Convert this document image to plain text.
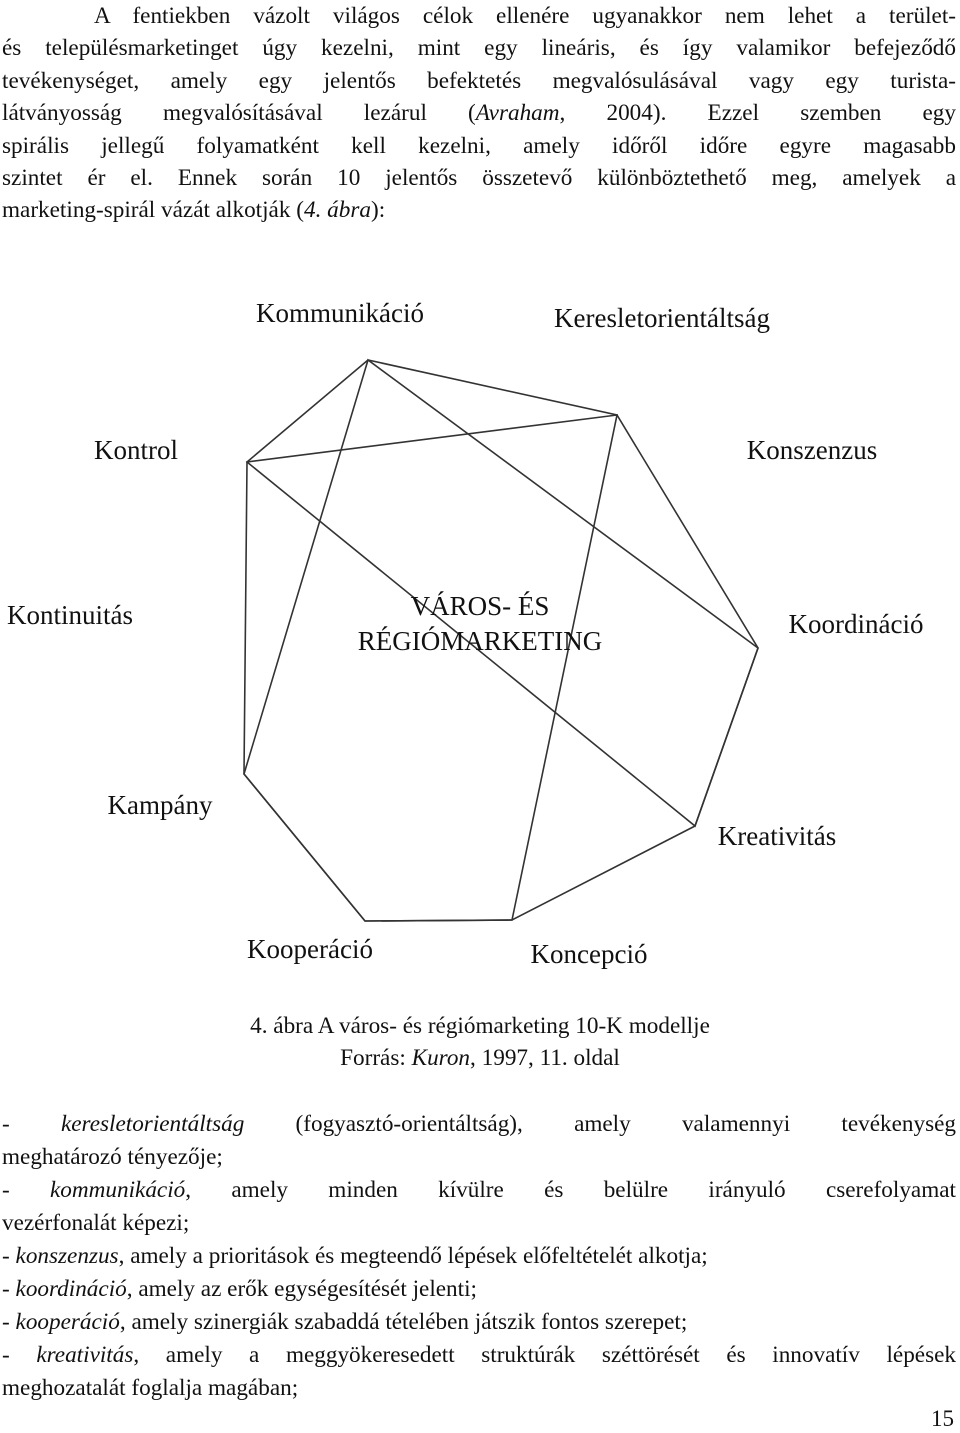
A fentiekben vázolt világos célok ellenére ugyanakkor nem lehet a terület-
és településmarketinget úgy kezelni, mint egy lineáris, és így valamikor befejeződő
tevékenységet, amely egy jelentős befektetés megvalósulásával vagy egy turista-
látványosság megvalósításával lezárul (Avraham, 2004). Ezzel szemben egy
spirális jellegű folyamatként kell kezelni, amely időről időre egyre magasabb
szintet ér el. Ennek során 10 jelentős összetevő különböztethető meg, amelyek a
marketing-spirál vázát alkotják (4. ábra):
Kommunikáció	Keresletorientáltság
Kontrol	Konszenzus
Kontinuitás	Koordináció
Kampány
Kreativitás
Kooperáció	Koncepció
VÁROS- ÉS
RÉGIÓMARKETING
4. ábra A város- és régiómarketing 10-K modellje
Forrás: Kuron, 1997, 11. oldal
- keresletorientáltság (fogyasztó-orientáltság), amely valamennyi tevékenység
meghatározó tényezője;
- kommunikáció, amely minden kívülre és belülre irányuló cserefolyamat
vezérfonalát képezi;
- konszenzus, amely a prioritások és megteendő lépések előfeltételét alkotja;
- koordináció, amely az erők egységesítését jelenti;
- kooperáció, amely szinergiák szabaddá tételében játszik fontos szerepet;
- kreativitás, amely a meggyökeresedett struktúrák széttörését és innovatív lépések
meghozatalát foglalja magában;
15
